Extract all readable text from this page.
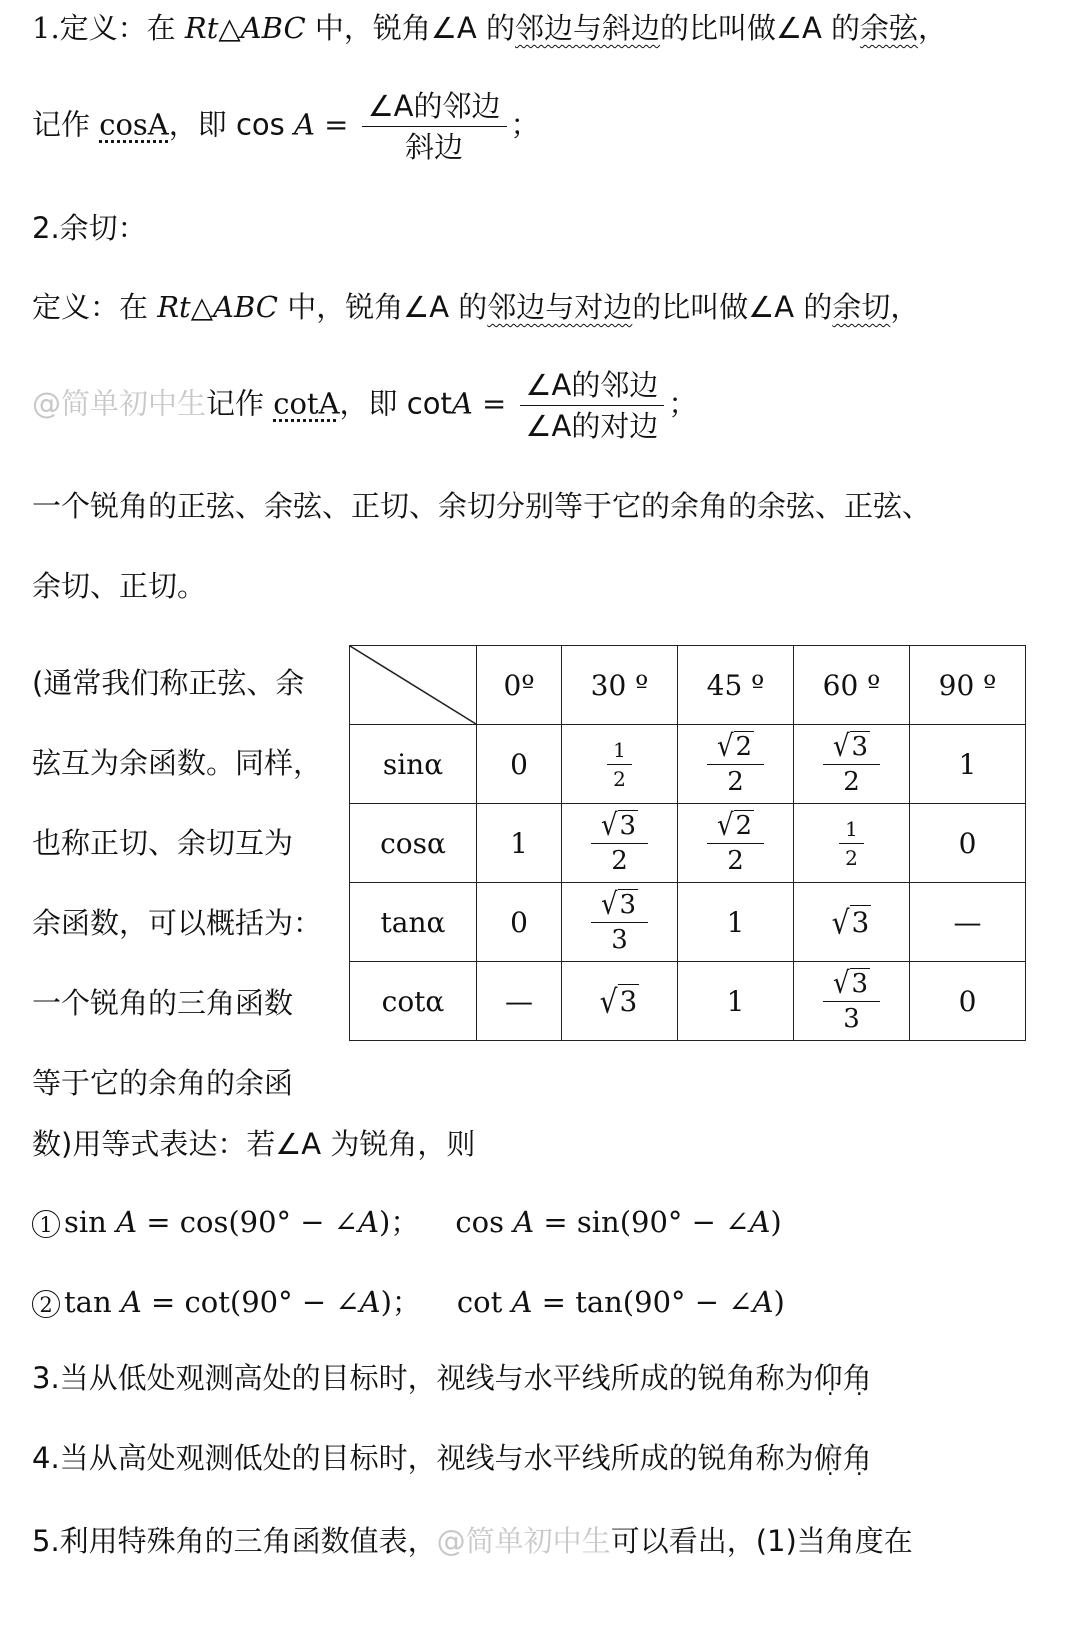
1.定义：在 Rt△ABC 中，锐角∠A 的邻边与斜边的比叫做∠A 的余弦，
记作 cosA，即 $\cos A = \frac{\text{∠A的邻边}}{\text{斜边}}$ ；
2.余切：
定义：在 Rt△ABC 中，锐角∠A 的邻边与对边的比叫做∠A 的余切，
@简单初中生记作 cotA，即 $\cot A = \frac{\text{∠A的邻边}}{\text{∠A的对边}}$ ；
一个锐角的正弦、余弦、正切、余切分别等于它的余角的余弦、正弦、
余切、正切。
(通常我们称正弦、余
弦互为余函数。同样，
也称正切、余切互为
余函数，可以概括为：
一个锐角的三角函数
等于它的余角的余函
	0º	30 º	45 º	60 º	90 º
sinα	0	$\frac{1}{2}$	$\frac{√2}{2}$	$\frac{√3}{2}$	1
cosα	1	$\frac{√3}{2}$	$\frac{√2}{2}$	$\frac{1}{2}$	0
tanα	0	$\frac{√3}{3}$	1	√3	—
cotα	—	√3	1	$\frac{√3}{3}$	0
数)用等式表达：若∠A 为锐角，则
1 sin A = cos(90° − ∠A)； cos A = sin(90° − ∠A)
2 tan A = cot(90° − ∠A)； cot A = tan(90° − ∠A)
3.当从低处观测高处的目标时，视线与水平线所成的锐角称为仰角
4.当从高处观测低处的目标时，视线与水平线所成的锐角称为俯角
5.利用特殊角的三角函数值表，@简单初中生可以看出，(1)当角度在
